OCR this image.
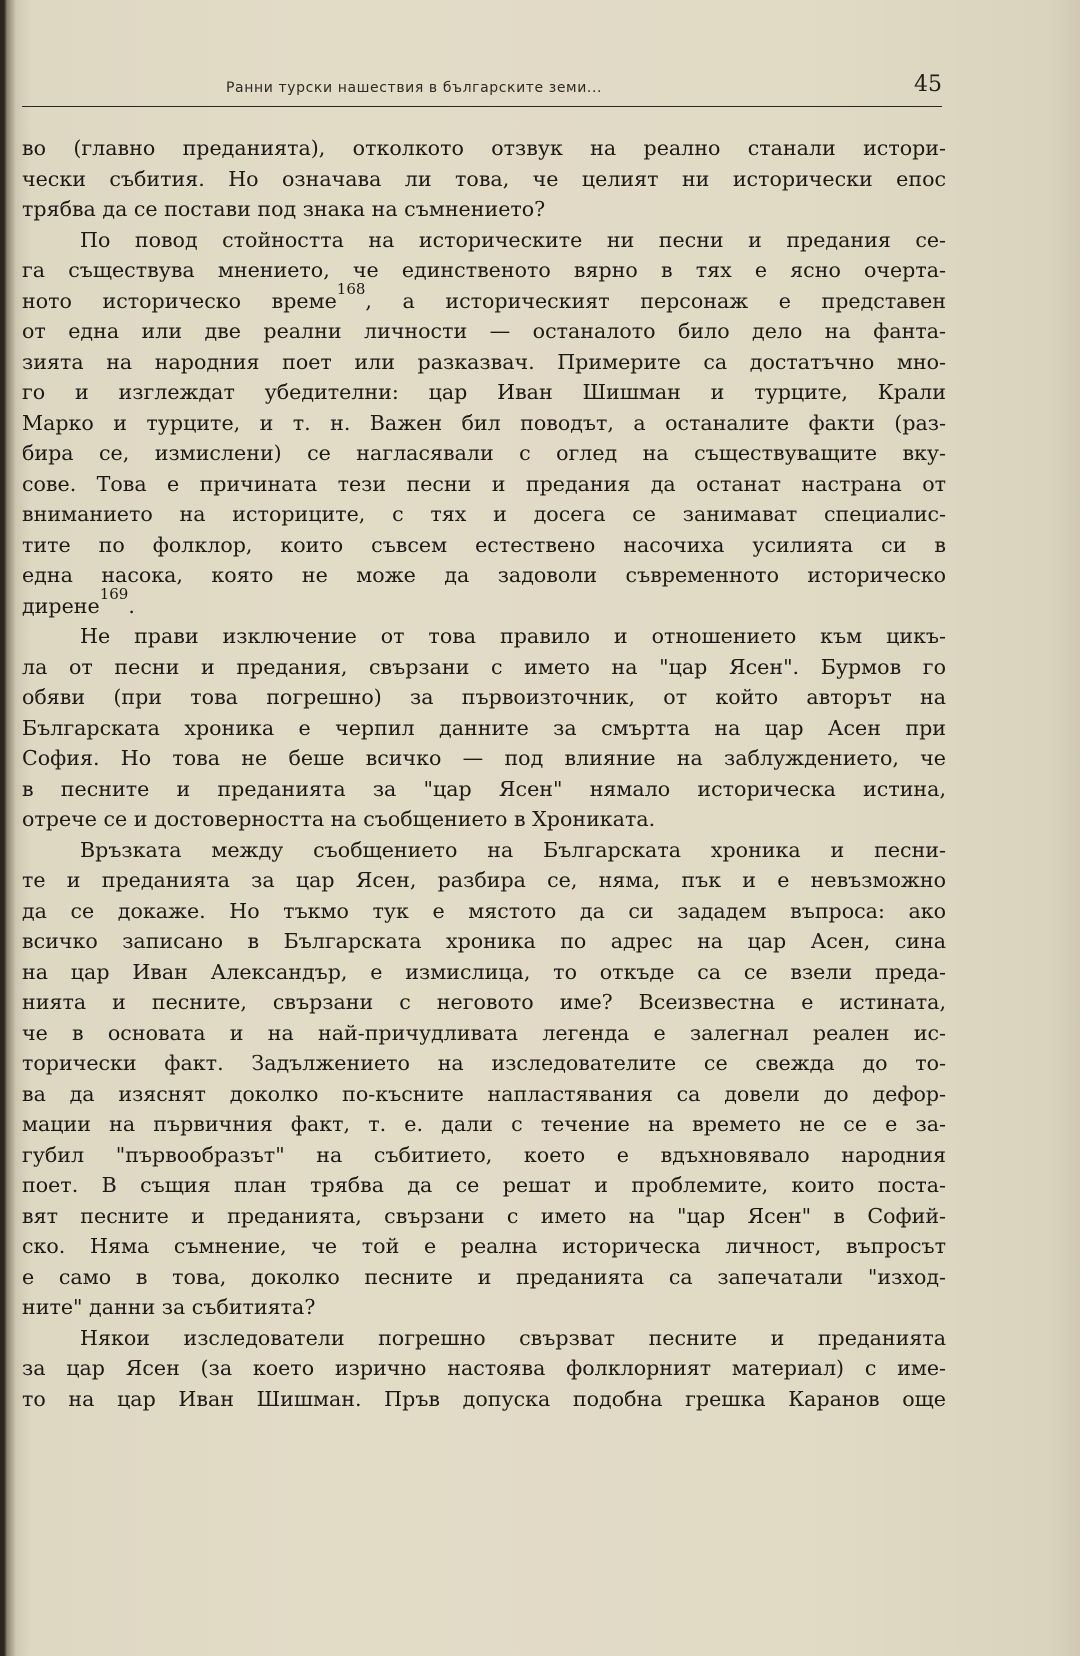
Ранни турски нашествия в българските земи...	45
во (главно преданията), отколкото отзвук на реално станали истори-
чески събития. Но означава ли това, че целият ни исторически епос
трябва да се постави под знака на съмнението?
По повод стойността на историческите ни песни и предания се-
га съществува мнението, че единственото вярно в тях е ясно очерта-
ното историческо време$^{168}$, а историческият персонаж е представен
от една или две реални личности — останалото било дело на фанта-
зията на народния поет или разказвач. Примерите са достатъчно мно-
го и изглеждат убедителни: цар Иван Шишман и турците, Крали
Марко и турците, и т. н. Важен бил поводът, а останалите факти (раз-
бира се, измислени) се нагласявали с оглед на съществуващите вку-
сове. Това е причината тези песни и предания да останат настрана от
вниманието на историците, с тях и досега се занимават специалис-
тите по фолклор, които съвсем естествено насочиха усилията си в
една насока, която не може да задоволи съвременното историческо
дирене$^{169}$.
Не прави изключение от това правило и отношението към цикъ-
ла от песни и предания, свързани с името на "цар Ясен". Бурмов го
обяви (при това погрешно) за първоизточник, от който авторът на
Българската хроника е черпил данните за смъртта на цар Асен при
София. Но това не беше всичко — под влияние на заблуждението, че
в песните и преданията за "цар Ясен" нямало историческа истина,
отрече се и достоверността на съобщението в Хрониката.
Връзката между съобщението на Българската хроника и песни-
те и преданията за цар Ясен, разбира се, няма, пък и е невъзможно
да се докаже. Но тъкмо тук е мястото да си зададем въпроса: ако
всичко записано в Българската хроника по адрес на цар Асен, сина
на цар Иван Александър, е измислица, то откъде са се взели преда-
нията и песните, свързани с неговото име? Всеизвестна е истината,
че в основата и на най-причудливата легенда е залегнал реален ис-
торически факт. Задължението на изследователите се свежда до то-
ва да изяснят доколко по-късните напластявания са довели до дефор-
мации на първичния факт, т. е. дали с течение на времето не се е за-
губил "първообразът" на събитието, което е вдъхновявало народния
поет. В същия план трябва да се решат и проблемите, които поста-
вят песните и преданията, свързани с името на "цар Ясен" в Софий-
ско. Няма съмнение, че той е реална историческа личност, въпросът
е само в това, доколко песните и преданията са запечатали "изход-
ните" данни за събитията?
Някои изследователи погрешно свързват песните и преданията
за цар Ясен (за което изрично настоява фолклорният материал) с име-
то на цар Иван Шишман. Пръв допуска подобна грешка Каранов още
